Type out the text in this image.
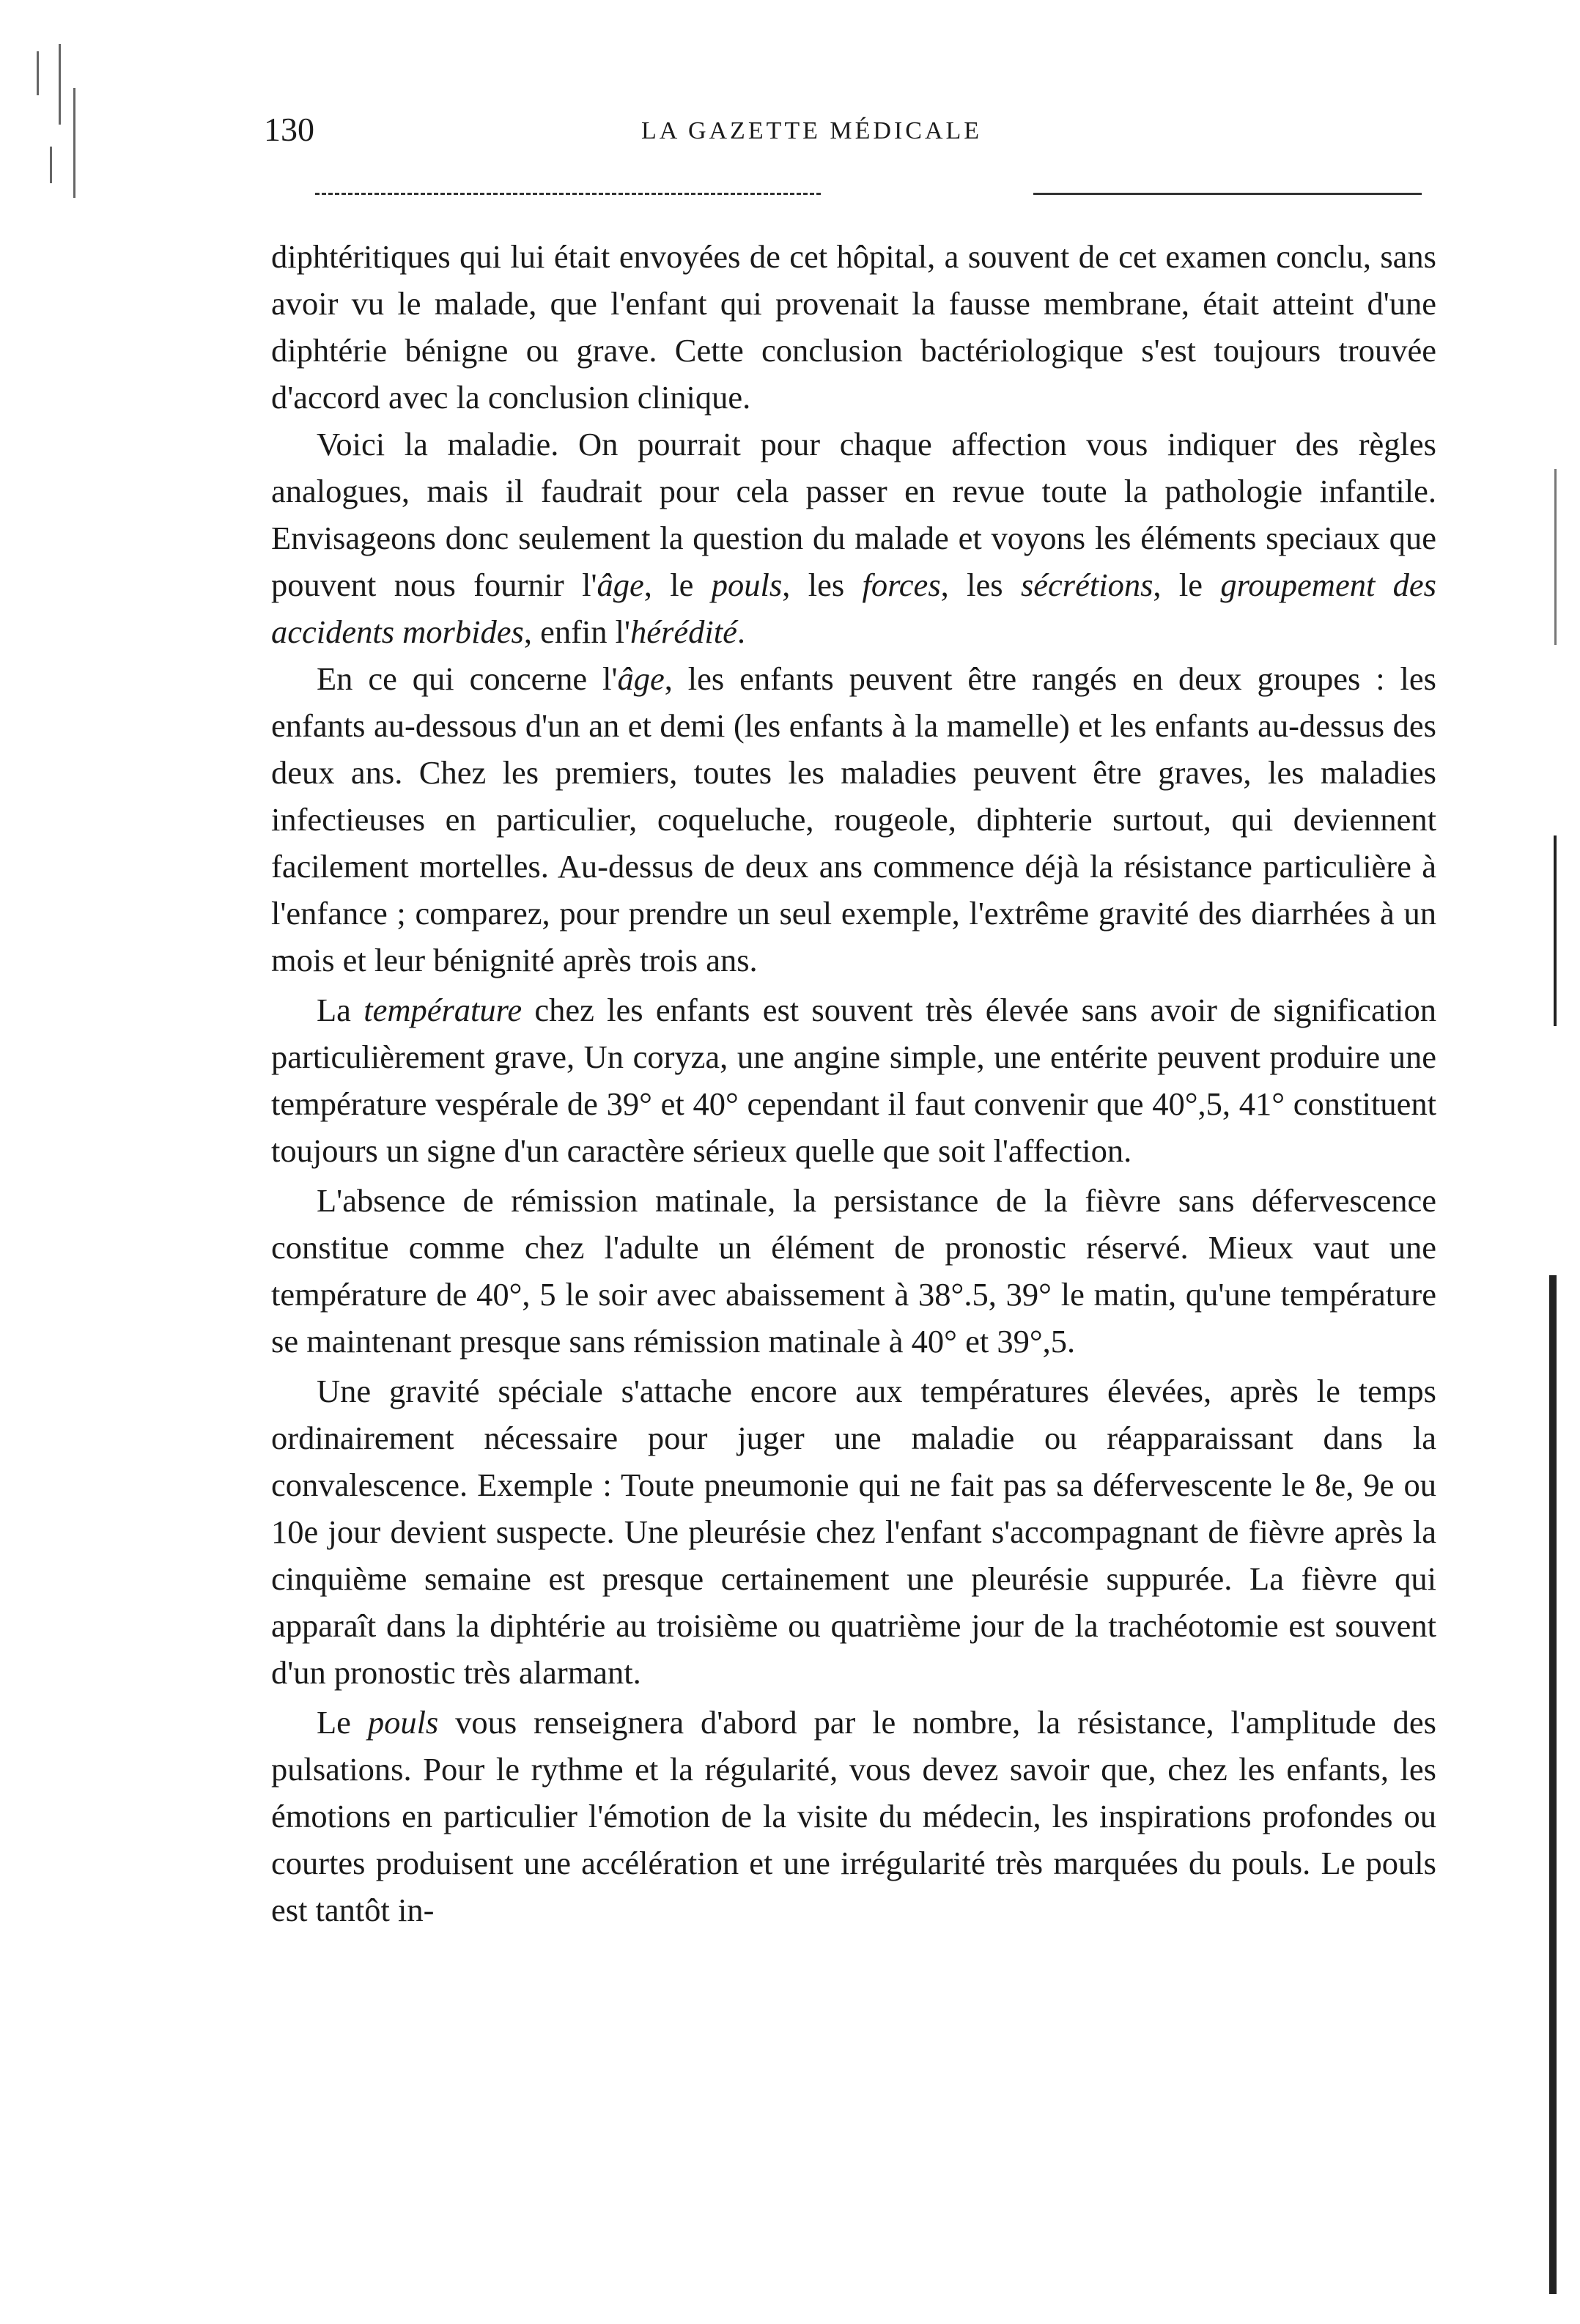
130	LA GAZETTE MÉDICALE

diphtéritiques qui lui était envoyées de cet hôpital, a souvent de cet examen conclu, sans avoir vu le malade, que l'enfant qui provenait la fausse membrane, était atteint d'une diphtérie bénigne ou grave. Cette conclusion bactériologique s'est toujours trouvée d'accord avec la conclusion clinique.

Voici la maladie. On pourrait pour chaque affection vous indiquer des règles analogues, mais il faudrait pour cela passer en revue toute la pathologie infantile. Envisageons donc seulement la question du malade et voyons les éléments speciaux que pouvent nous fournir l'âge, le pouls, les forces, les sécrétions, le groupement des accidents morbides, enfin l'hérédité.

En ce qui concerne l'âge, les enfants peuvent être rangés en deux groupes : les enfants au-dessous d'un an et demi (les enfants à la mamelle) et les enfants au-dessus des deux ans. Chez les premiers, toutes les maladies peuvent être graves, les maladies infectieuses en particulier, coqueluche, rougeole, diphterie surtout, qui deviennent facilement mortelles. Au-dessus de deux ans commence déjà la résistance particulière à l'enfance ; comparez, pour prendre un seul exemple, l'extrême gravité des diarrhées à un mois et leur bénignité après trois ans.

La température chez les enfants est souvent très élevée sans avoir de signification particulièrement grave, Un coryza, une angine simple, une entérite peuvent produire une température vespérale de 39° et 40° cependant il faut convenir que 40°,5, 41° constituent toujours un signe d'un caractère sérieux quelle que soit l'affection.

L'absence de rémission matinale, la persistance de la fièvre sans défervescence constitue comme chez l'adulte un élément de pronostic réservé. Mieux vaut une température de 40°, 5 le soir avec abaissement à 38°.5, 39° le matin, qu'une température se maintenant presque sans rémission matinale à 40° et 39°,5.

Une gravité spéciale s'attache encore aux températures élevées, après le temps ordinairement nécessaire pour juger une maladie ou réapparaissant dans la convalescence. Exemple : Toute pneumonie qui ne fait pas sa défervescente le 8e, 9e ou 10e jour devient suspecte. Une pleurésie chez l'enfant s'accompagnant de fièvre après la cinquième semaine est presque certainement une pleurésie suppurée. La fièvre qui apparaît dans la diphtérie au troisième ou quatrième jour de la trachéotomie est souvent d'un pronostic très alarmant.

Le pouls vous renseignera d'abord par le nombre, la résistance, l'amplitude des pulsations. Pour le rythme et la régularité, vous devez savoir que, chez les enfants, les émotions en particulier l'émotion de la visite du médecin, les inspirations profondes ou courtes produisent une accélération et une irrégularité très marquées du pouls. Le pouls est tantôt in-
